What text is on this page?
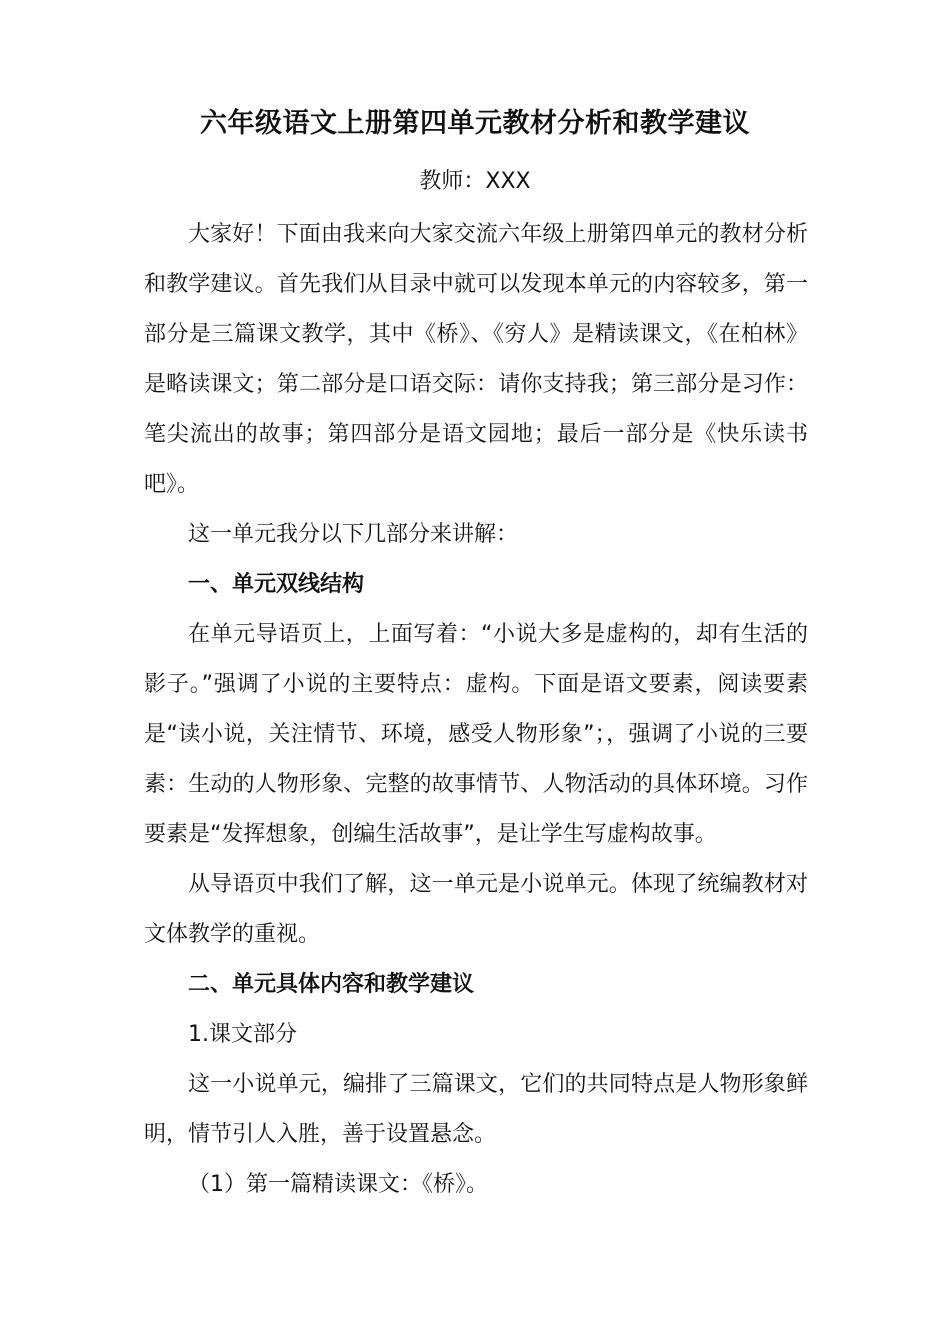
六年级语文上册第四单元教材分析和教学建议
教师：XXX

大家好！下面由我来向大家交流六年级上册第四单元的教材分析和教学建议。首先我们从目录中就可以发现本单元的内容较多，第一部分是三篇课文教学，其中《桥》、《穷人》是精读课文，《在柏林》是略读课文；第二部分是口语交际：请你支持我；第三部分是习作：笔尖流出的故事；第四部分是语文园地；最后一部分是《快乐读书吧》。

这一单元我分以下几部分来讲解：

一、单元双线结构

在单元导语页上，上面写着：“小说大多是虚构的，却有生活的影子。”强调了小说的主要特点：虚构。下面是语文要素，阅读要素是“读小说，关注情节、环境，感受人物形象”；，强调了小说的三要素：生动的人物形象、完整的故事情节、人物活动的具体环境。习作要素是“发挥想象，创编生活故事”，是让学生写虚构故事。

从导语页中我们了解，这一单元是小说单元。体现了统编教材对文体教学的重视。

二、单元具体内容和教学建议

1.课文部分

这一小说单元，编排了三篇课文，它们的共同特点是人物形象鲜明，情节引人入胜，善于设置悬念。

（1）第一篇精读课文：《桥》。
